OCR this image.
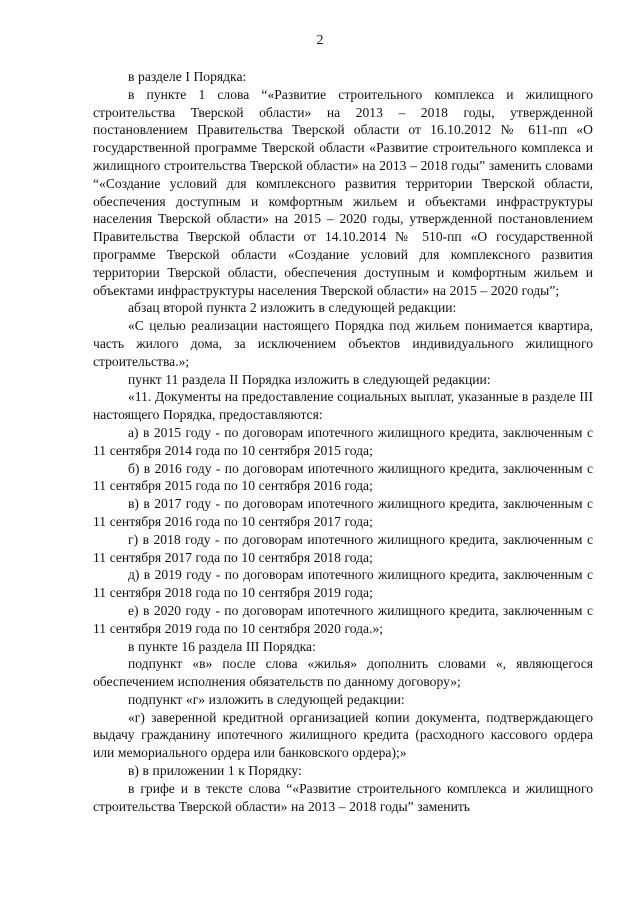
2

в разделе I Порядка:

в пункте 1 слова “«Развитие строительного комплекса и жилищного строительства Тверской области» на 2013 – 2018 годы, утвержденной постановлением Правительства Тверской области от 16.10.2012 № 611-пп «О государственной программе Тверской области «Развитие строительного комплекса и жилищного строительства Тверской области» на 2013 – 2018 годы” заменить словами “«Создание условий для комплексного развития территории Тверской области, обеспечения доступным и комфортным жильем и объектами инфраструктуры населения Тверской области» на 2015 – 2020 годы, утвержденной постановлением Правительства Тверской области от 14.10.2014 № 510-пп «О государственной программе Тверской области «Создание условий для комплексного развития территории Тверской области, обеспечения доступным и комфортным жильем и объектами инфраструктуры населения Тверской области» на 2015 – 2020 годы”;

абзац второй пункта 2 изложить в следующей редакции:

«С целью реализации настоящего Порядка под жильем понимается квартира, часть жилого дома, за исключением объектов индивидуального жилищного строительства.»;

пункт 11 раздела II Порядка изложить в следующей редакции:

«11. Документы на предоставление социальных выплат, указанные в разделе III настоящего Порядка, предоставляются:

а) в 2015 году - по договорам ипотечного жилищного кредита, заключенным с 11 сентября 2014 года по 10 сентября 2015 года;

б) в 2016 году - по договорам ипотечного жилищного кредита, заключенным с 11 сентября 2015 года по 10 сентября 2016 года;

в) в 2017 году - по договорам ипотечного жилищного кредита, заключенным с 11 сентября 2016 года по 10 сентября 2017 года;

г) в 2018 году - по договорам ипотечного жилищного кредита, заключенным с 11 сентября 2017 года по 10 сентября 2018 года;

д) в 2019 году - по договорам ипотечного жилищного кредита, заключенным с 11 сентября 2018 года по 10 сентября 2019 года;

е) в 2020 году - по договорам ипотечного жилищного кредита, заключенным с 11 сентября 2019 года по 10 сентября 2020 года.»;

в пункте 16 раздела III Порядка:

подпункт «в» после слова «жилья» дополнить словами «, являющегося обеспечением исполнения обязательств по данному договору»;

подпункт «г» изложить в следующей редакции:

«г) заверенной кредитной организацией копии документа, подтверждающего выдачу гражданину ипотечного жилищного кредита (расходного кассового ордера или мемориального ордера или банковского ордера);»

в) в приложении 1 к Порядку:

в грифе и в тексте слова “«Развитие строительного комплекса и жилищного строительства Тверской области» на 2013 – 2018 годы” заменить
